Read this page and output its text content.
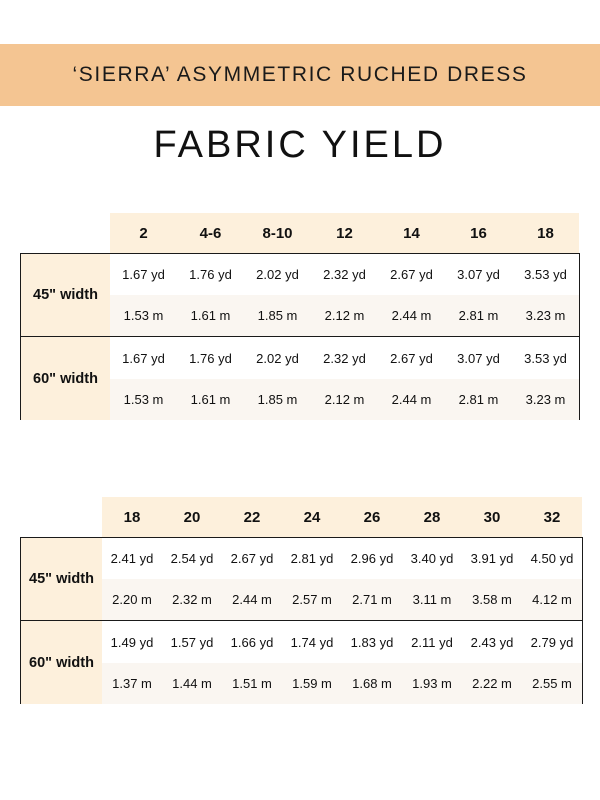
‘SIERRA’ ASYMMETRIC RUCHED DRESS
FABRIC YIELD
2	4-6	8-10	12	14	16	18
45" width
1.67 yd	1.76 yd	2.02 yd	2.32 yd	2.67 yd	3.07 yd	3.53 yd
1.53 m	1.61 m	1.85 m	2.12 m	2.44 m	2.81 m	3.23 m
60" width
1.67 yd	1.76 yd	2.02 yd	2.32 yd	2.67 yd	3.07 yd	3.53 yd
1.53 m	1.61 m	1.85 m	2.12 m	2.44 m	2.81 m	3.23 m
18	20	22	24	26	28	30	32
45" width
2.41 yd	2.54 yd	2.67 yd	2.81 yd	2.96 yd	3.40 yd	3.91 yd	4.50 yd
2.20 m	2.32 m	2.44 m	2.57 m	2.71 m	3.11 m	3.58 m	4.12 m
60" width
1.49 yd	1.57 yd	1.66 yd	1.74 yd	1.83 yd	2.11 yd	2.43 yd	2.79 yd
1.37 m	1.44 m	1.51 m	1.59 m	1.68 m	1.93 m	2.22 m	2.55 m
